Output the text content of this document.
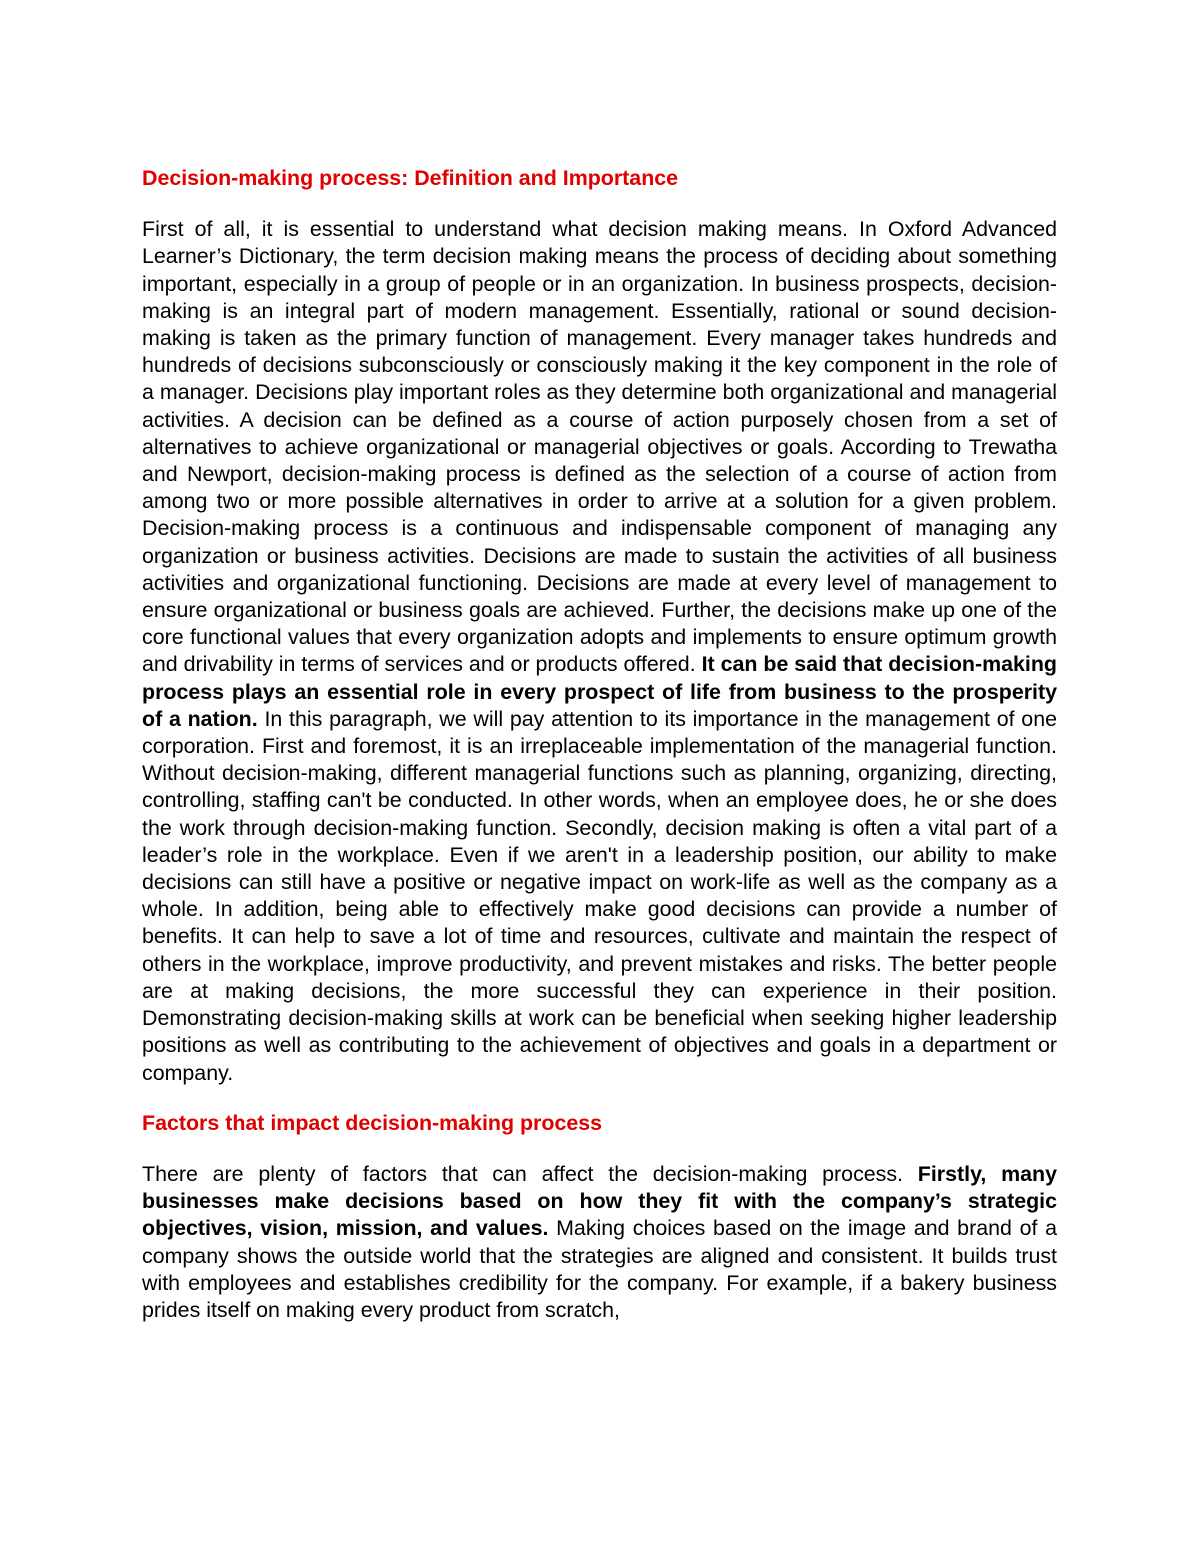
Decision-making process: Definition and Importance

First of all, it is essential to understand what decision making means. In Oxford Advanced Learner’s Dictionary, the term decision making means the process of deciding about something important, especially in a group of people or in an organization. In business prospects, decision-making is an integral part of modern management. Essentially, rational or sound decision-making is taken as the primary function of management. Every manager takes hundreds and hundreds of decisions subconsciously or consciously making it the key component in the role of a manager. Decisions play important roles as they determine both organizational and managerial activities. A decision can be defined as a course of action purposely chosen from a set of alternatives to achieve organizational or managerial objectives or goals. According to Trewatha and Newport, decision-making process is defined as the selection of a course of action from among two or more possible alternatives in order to arrive at a solution for a given problem. Decision-making process is a continuous and indispensable component of managing any organization or business activities. Decisions are made to sustain the activities of all business activities and organizational functioning. Decisions are made at every level of management to ensure organizational or business goals are achieved. Further, the decisions make up one of the core functional values that every organization adopts and implements to ensure optimum growth and drivability in terms of services and or products offered. It can be said that decision-making process plays an essential role in every prospect of life from business to the prosperity of a nation. In this paragraph, we will pay attention to its importance in the management of one corporation. First and foremost, it is an irreplaceable implementation of the managerial function. Without decision-making, different managerial functions such as planning, organizing, directing, controlling, staffing can't be conducted. In other words, when an employee does, he or she does the work through decision-making function. Secondly, decision making is often a vital part of a leader’s role in the workplace. Even if we aren't in a leadership position, our ability to make decisions can still have a positive or negative impact on work-life as well as the company as a whole. In addition, being able to effectively make good decisions can provide a number of benefits. It can help to save a lot of time and resources, cultivate and maintain the respect of others in the workplace, improve productivity, and prevent mistakes and risks. The better people are at making decisions, the more successful they can experience in their position. Demonstrating decision-making skills at work can be beneficial when seeking higher leadership positions as well as contributing to the achievement of objectives and goals in a department or company.

Factors that impact decision-making process

There are plenty of factors that can affect the decision-making process. Firstly, many businesses make decisions based on how they fit with the company’s strategic objectives, vision, mission, and values. Making choices based on the image and brand of a company shows the outside world that the strategies are aligned and consistent. It builds trust with employees and establishes credibility for the company. For example, if a bakery business prides itself on making every product from scratch,
